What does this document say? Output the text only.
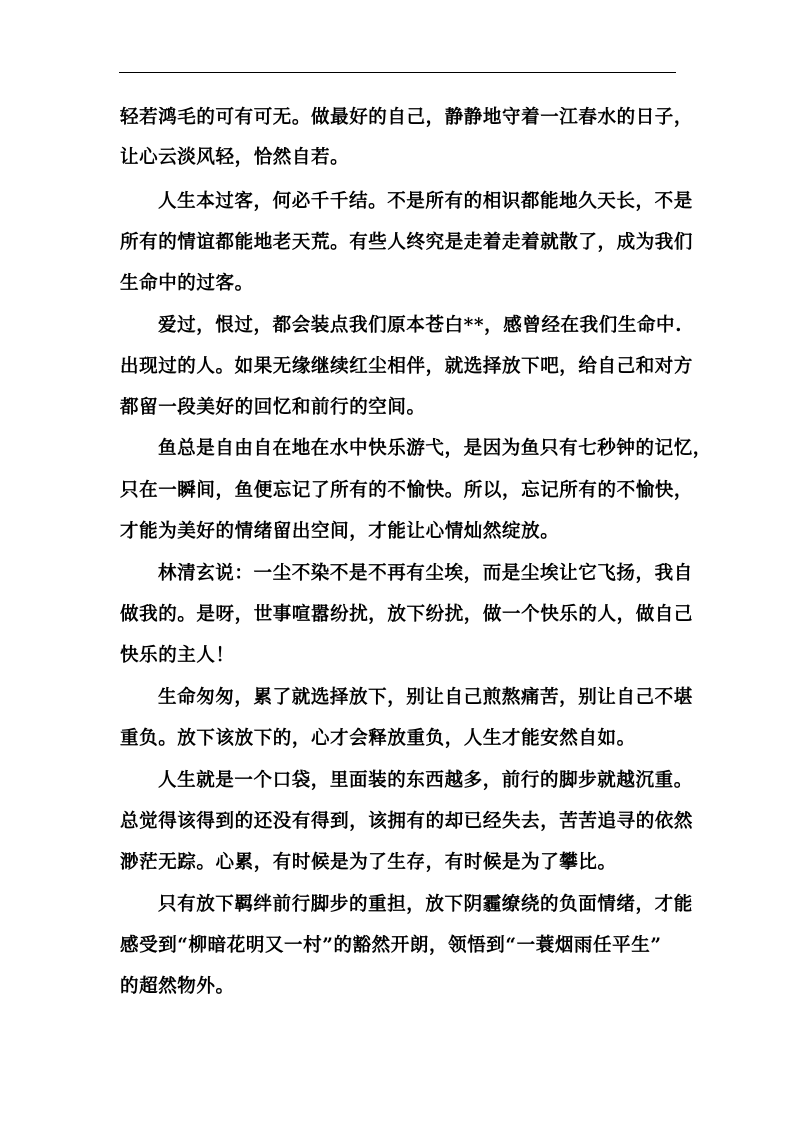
轻若鸿毛的可有可无。做最好的自己，静静地守着一江春水的日子，
让心云淡风轻，恰然自若。
人生本过客，何必千千结。不是所有的相识都能地久天长，不是
所有的情谊都能地老天荒。有些人终究是走着走着就散了，成为我们
生命中的过客。
爱过，恨过，都会装点我们原本苍白**，感曾经在我们生命中.
出现过的人。如果无缘继续红尘相伴，就选择放下吧，给自己和对方
都留一段美好的回忆和前行的空间。
鱼总是自由自在地在水中快乐游弋，是因为鱼只有七秒钟的记忆，
只在一瞬间，鱼便忘记了所有的不愉快。所以，忘记所有的不愉快，
才能为美好的情绪留出空间，才能让心情灿然绽放。
林清玄说：一尘不染不是不再有尘埃，而是尘埃让它飞扬，我自
做我的。是呀，世事喧嚣纷扰，放下纷扰，做一个快乐的人，做自己
快乐的主人！
生命匆匆，累了就选择放下，别让自己煎熬痛苦，别让自己不堪
重负。放下该放下的，心才会释放重负，人生才能安然自如。
人生就是一个口袋，里面装的东西越多，前行的脚步就越沉重。
总觉得该得到的还没有得到，该拥有的却已经失去，苦苦追寻的依然
渺茫无踪。心累，有时候是为了生存，有时候是为了攀比。
只有放下羁绊前行脚步的重担，放下阴霾缭绕的负面情绪，才能
感受到“柳暗花明又一村”的豁然开朗，领悟到“一蓑烟雨任平生”
的超然物外。
